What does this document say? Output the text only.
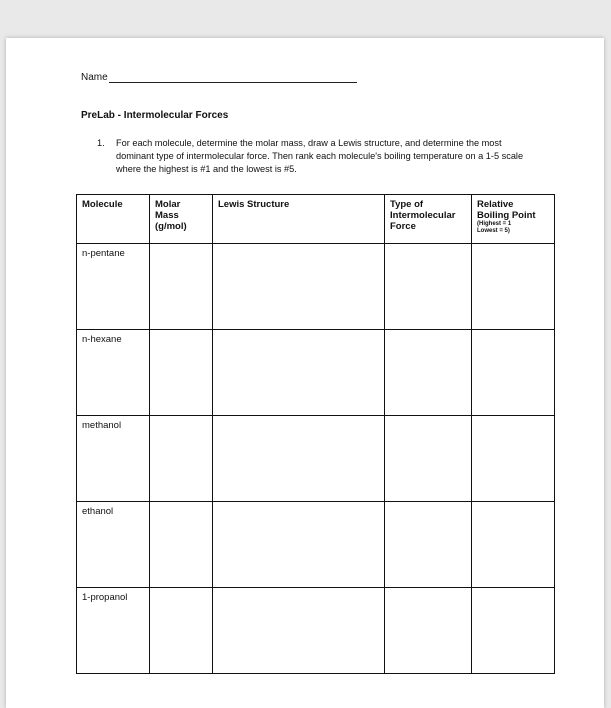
Name
PreLab - Intermolecular Forces
1.	For each molecule, determine the molar mass, draw a Lewis structure, and determine the most dominant type of intermolecular force. Then rank each molecule's boiling temperature on a 1-5 scale where the highest is #1 and the lowest is #5.
Molecule	Molar
Mass
(g/mol)	Lewis Structure	Type of
Intermolecular
Force	Relative
Boiling Point
(Highest = 1
Lowest = 5)

n-pentane				
n-hexane				
methanol				
ethanol				
1-propanol				
